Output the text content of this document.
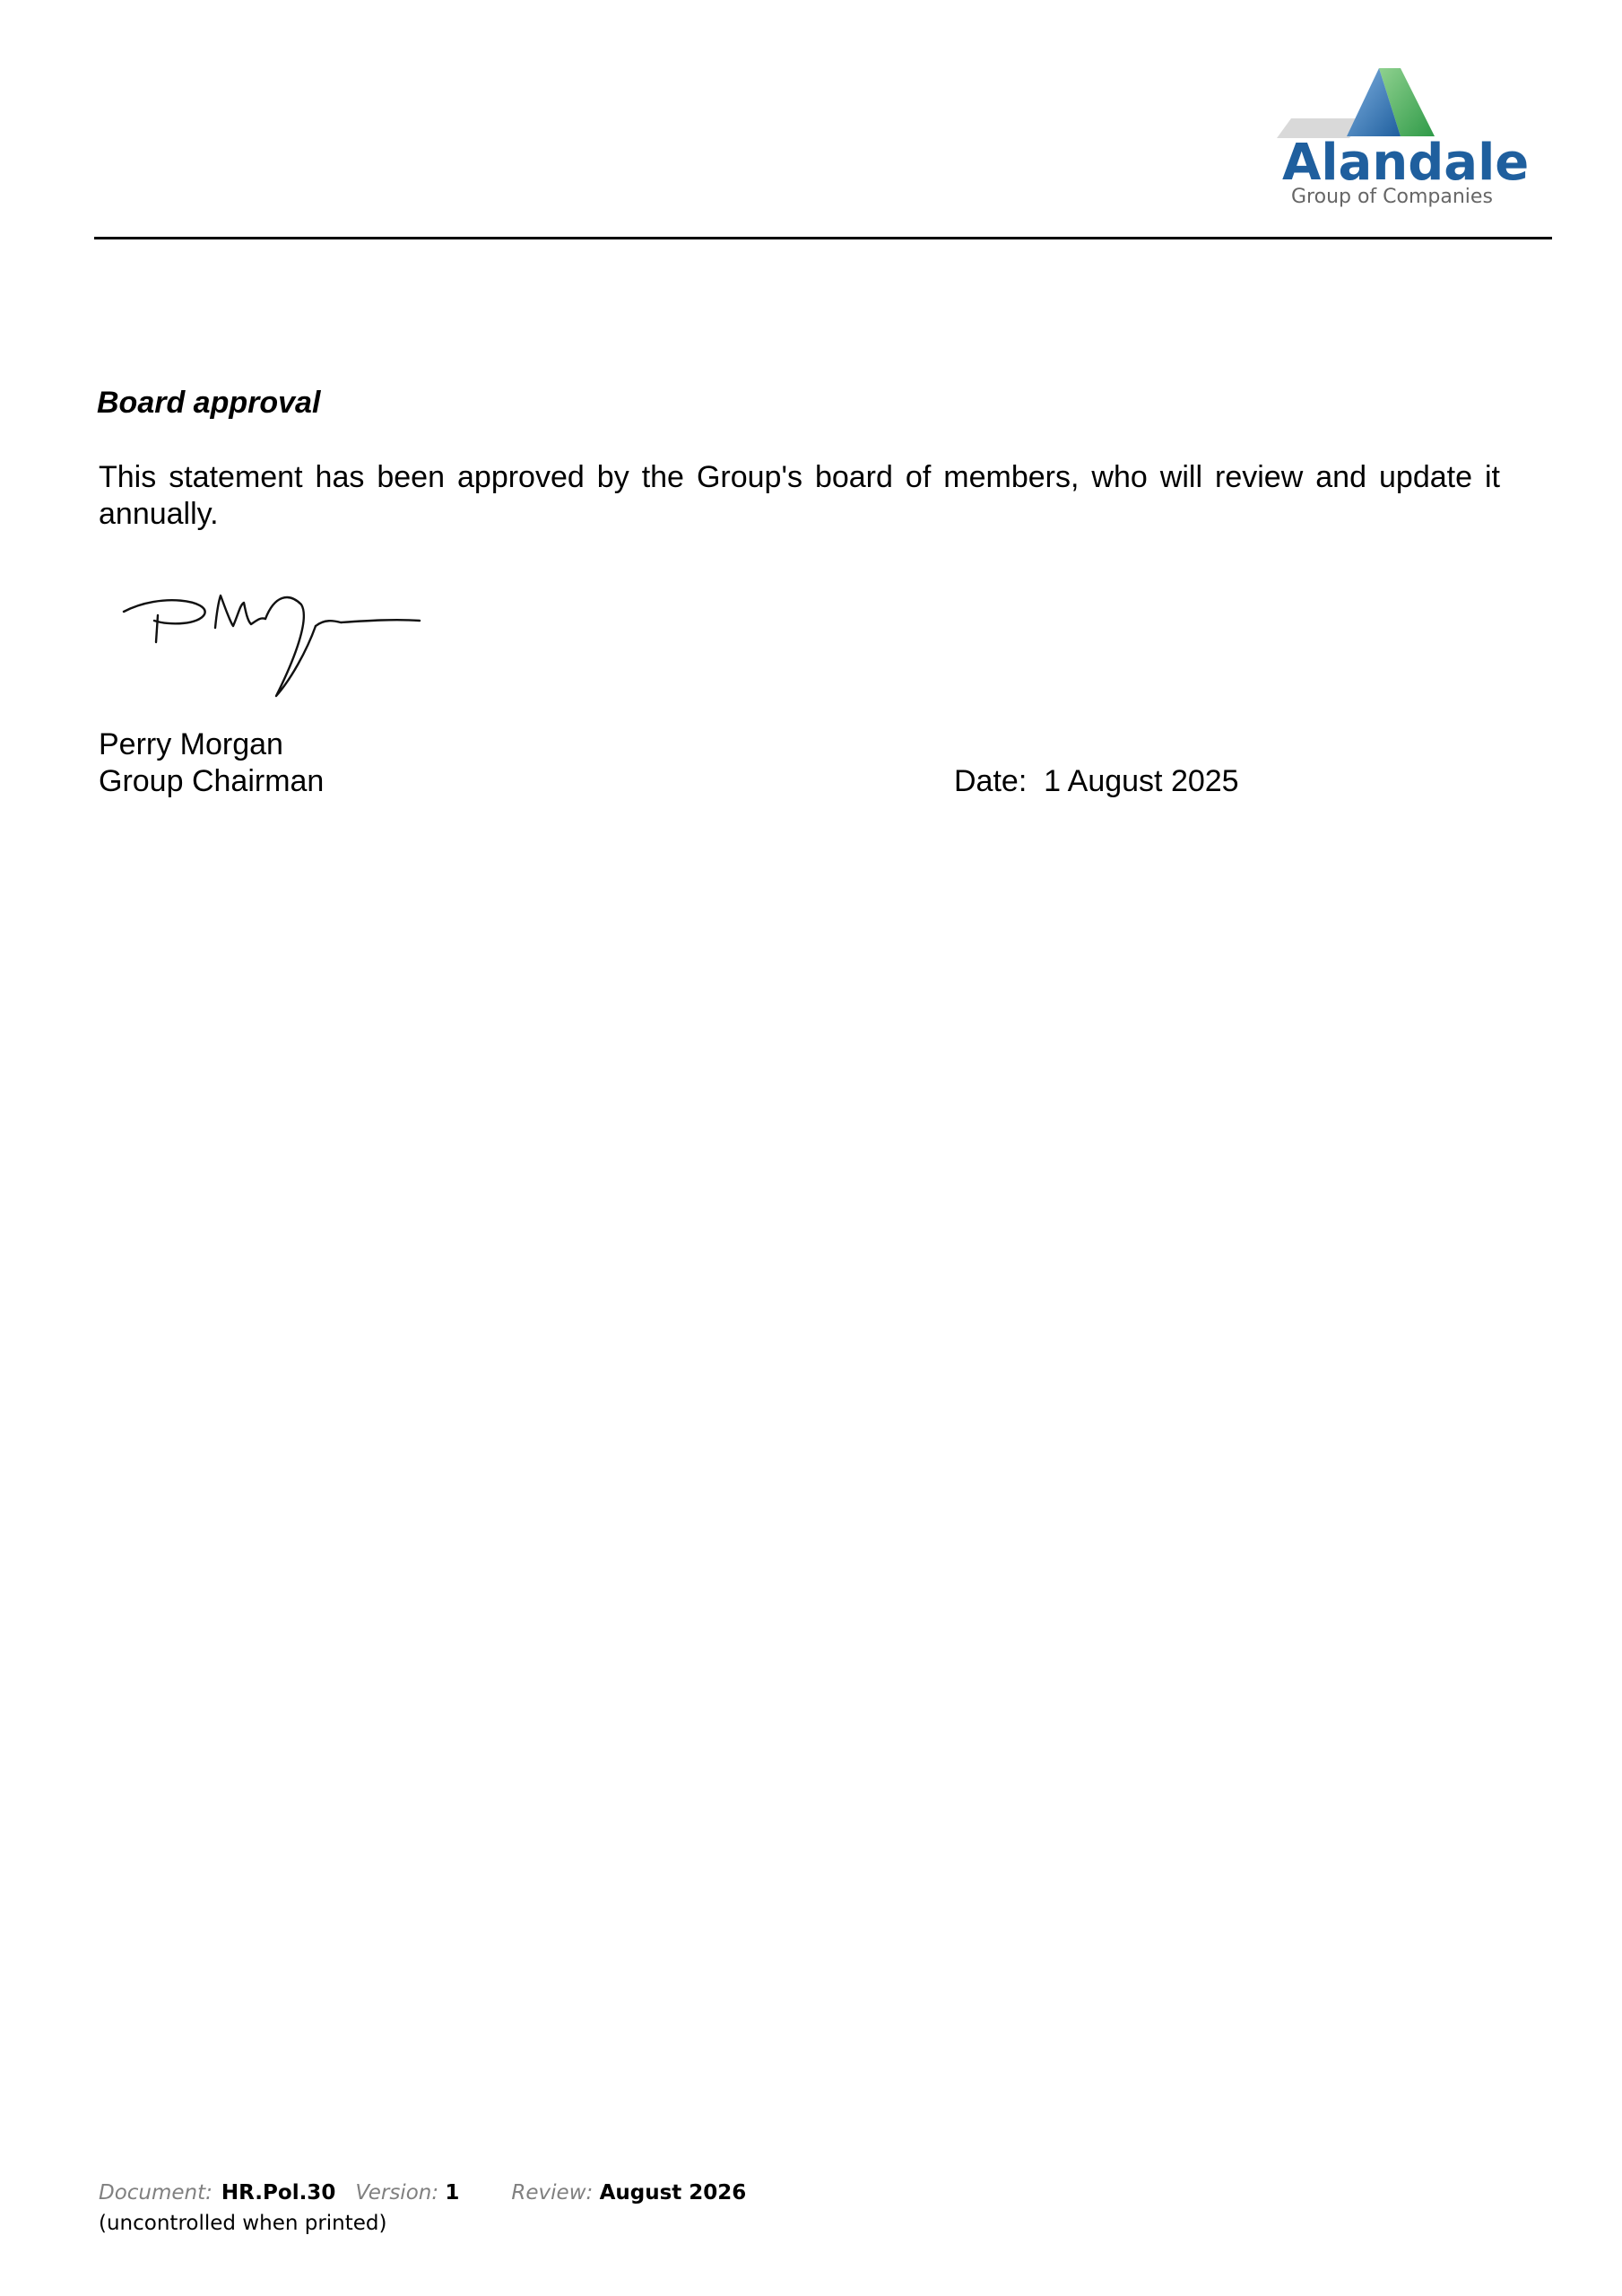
Alandale
Group of Companies
Board approval

This statement has been approved by the Group's board of members, who will review and update it annually.

Perry Morgan
Group Chairman	Date: 1 August 2025
Document: HR.Pol.30 Version: 1	Review: August 2026
(uncontrolled when printed)
